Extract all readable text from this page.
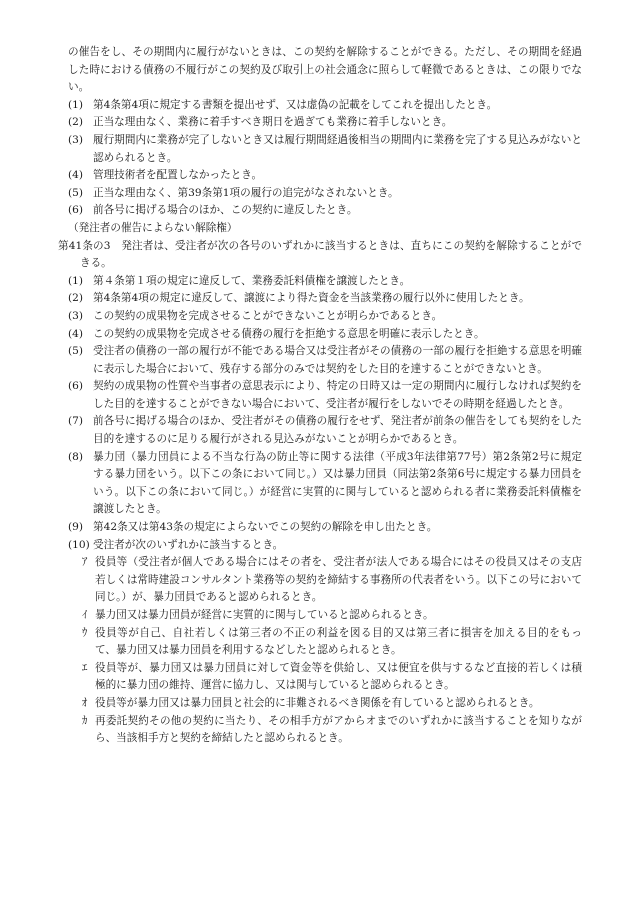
の催告をし、その期間内に履行がないときは、この契約を解除することができる。ただし、その期間を経過した時における債務の不履行がこの契約及び取引上の社会通念に照らして軽微であるときは、この限りでない。

(1) 第4条第4項に規定する書類を提出せず、又は虚偽の記載をしてこれを提出したとき。

(2) 正当な理由なく、業務に着手すべき期日を過ぎても業務に着手しないとき。

(3) 履行期間内に業務が完了しないとき又は履行期間経過後相当の期間内に業務を完了する見込みがないと認められるとき。

(4) 管理技術者を配置しなかったとき。

(5) 正当な理由なく、第39条第1項の履行の追完がなされないとき。

(6) 前各号に掲げる場合のほか、この契約に違反したとき。

（発注者の催告によらない解除権）

第41条の3　発注者は、受注者が次の各号のいずれかに該当するときは、直ちにこの契約を解除することができる。

(1) 第４条第１項の規定に違反して、業務委託料債権を譲渡したとき。

(2) 第4条第4項の規定に違反して、譲渡により得た資金を当該業務の履行以外に使用したとき。

(3) この契約の成果物を完成させることができないことが明らかであるとき。

(4) この契約の成果物を完成させる債務の履行を拒絶する意思を明確に表示したとき。

(5) 受注者の債務の一部の履行が不能である場合又は受注者がその債務の一部の履行を拒絶する意思を明確に表示した場合において、残存する部分のみでは契約をした目的を達することができないとき。

(6) 契約の成果物の性質や当事者の意思表示により、特定の日時又は一定の期間内に履行しなければ契約をした目的を達することができない場合において、受注者が履行をしないでその時期を経過したとき。

(7) 前各号に掲げる場合のほか、受注者がその債務の履行をせず、発注者が前条の催告をしても契約をした目的を達するのに足りる履行がされる見込みがないことが明らかであるとき。

(8) 暴力団（暴力団員による不当な行為の防止等に関する法律（平成3年法律第77号）第2条第2号に規定する暴力団をいう。以下この条において同じ。）又は暴力団員（同法第2条第6号に規定する暴力団員をいう。以下この条において同じ。）が経営に実質的に関与していると認められる者に業務委託料債権を譲渡したとき。

(9) 第42条又は第43条の規定によらないでこの契約の解除を申し出たとき。

(10) 受注者が次のいずれかに該当するとき。

ｱ 役員等（受注者が個人である場合にはその者を、受注者が法人である場合にはその役員又はその支店若しくは常時建設コンサルタント業務等の契約を締結する事務所の代表者をいう。以下この号において同じ。）が、暴力団員であると認められるとき。

ｲ 暴力団又は暴力団員が経営に実質的に関与していると認められるとき。

ｳ 役員等が自己、自社若しくは第三者の不正の利益を図る目的又は第三者に損害を加える目的をもって、暴力団又は暴力団員を利用するなどしたと認められるとき。

ｴ 役員等が、暴力団又は暴力団員に対して資金等を供給し、又は便宜を供与するなど直接的若しくは積極的に暴力団の維持、運営に協力し、又は関与していると認められるとき。

ｵ 役員等が暴力団又は暴力団員と社会的に非難されるべき関係を有していると認められるとき。

ｶ 再委託契約その他の契約に当たり、その相手方がアからオまでのいずれかに該当することを知りながら、当該相手方と契約を締結したと認められるとき。
